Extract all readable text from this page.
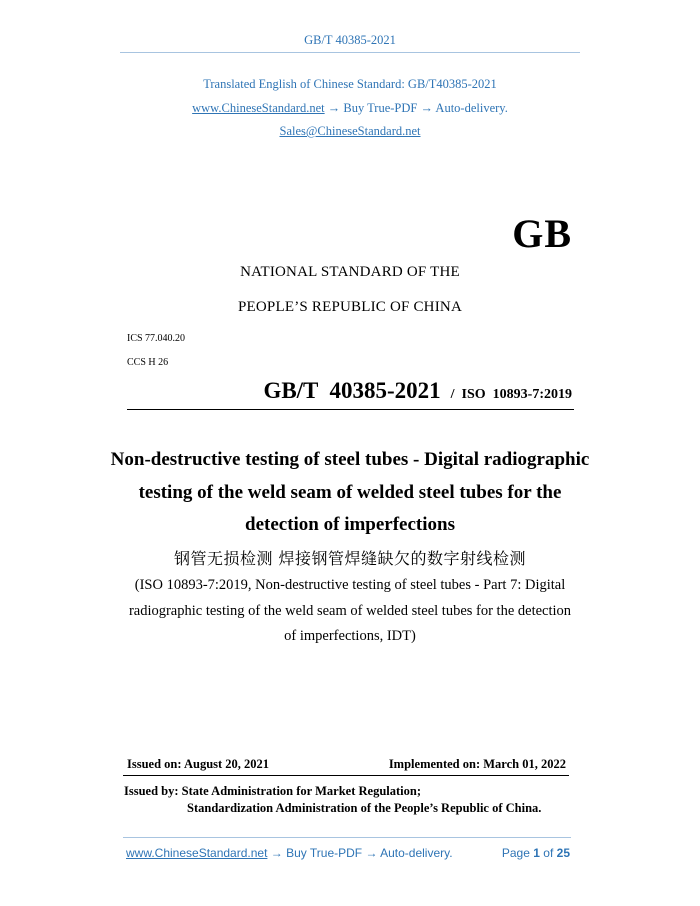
GB/T 40385-2021
Translated English of Chinese Standard: GB/T40385-2021
www.ChineseStandard.net → Buy True-PDF → Auto-delivery.
Sales@ChineseStandard.net
GB
NATIONAL STANDARD OF THE
PEOPLE’S REPUBLIC OF CHINA
ICS 77.040.20
CCS H 26
GB/T  40385-2021 /  ISO  10893-7:2019
Non-destructive testing of steel tubes - Digital radiographic
testing of the weld seam of welded steel tubes for the
detection of imperfections
钢管无损检测 焊接钢管焊缝缺欠的数字射线检测
(ISO 10893-7:2019, Non-destructive testing of steel tubes - Part 7: Digital
radiographic testing of the weld seam of welded steel tubes for the detection
of imperfections, IDT)
Issued on: August 20, 2021	Implemented on: March 01, 2022
Issued by: State Administration for Market Regulation;
Standardization Administration of the People’s Republic of China.
www.ChineseStandard.net → Buy True-PDF → Auto-delivery.	Page 1 of 25
